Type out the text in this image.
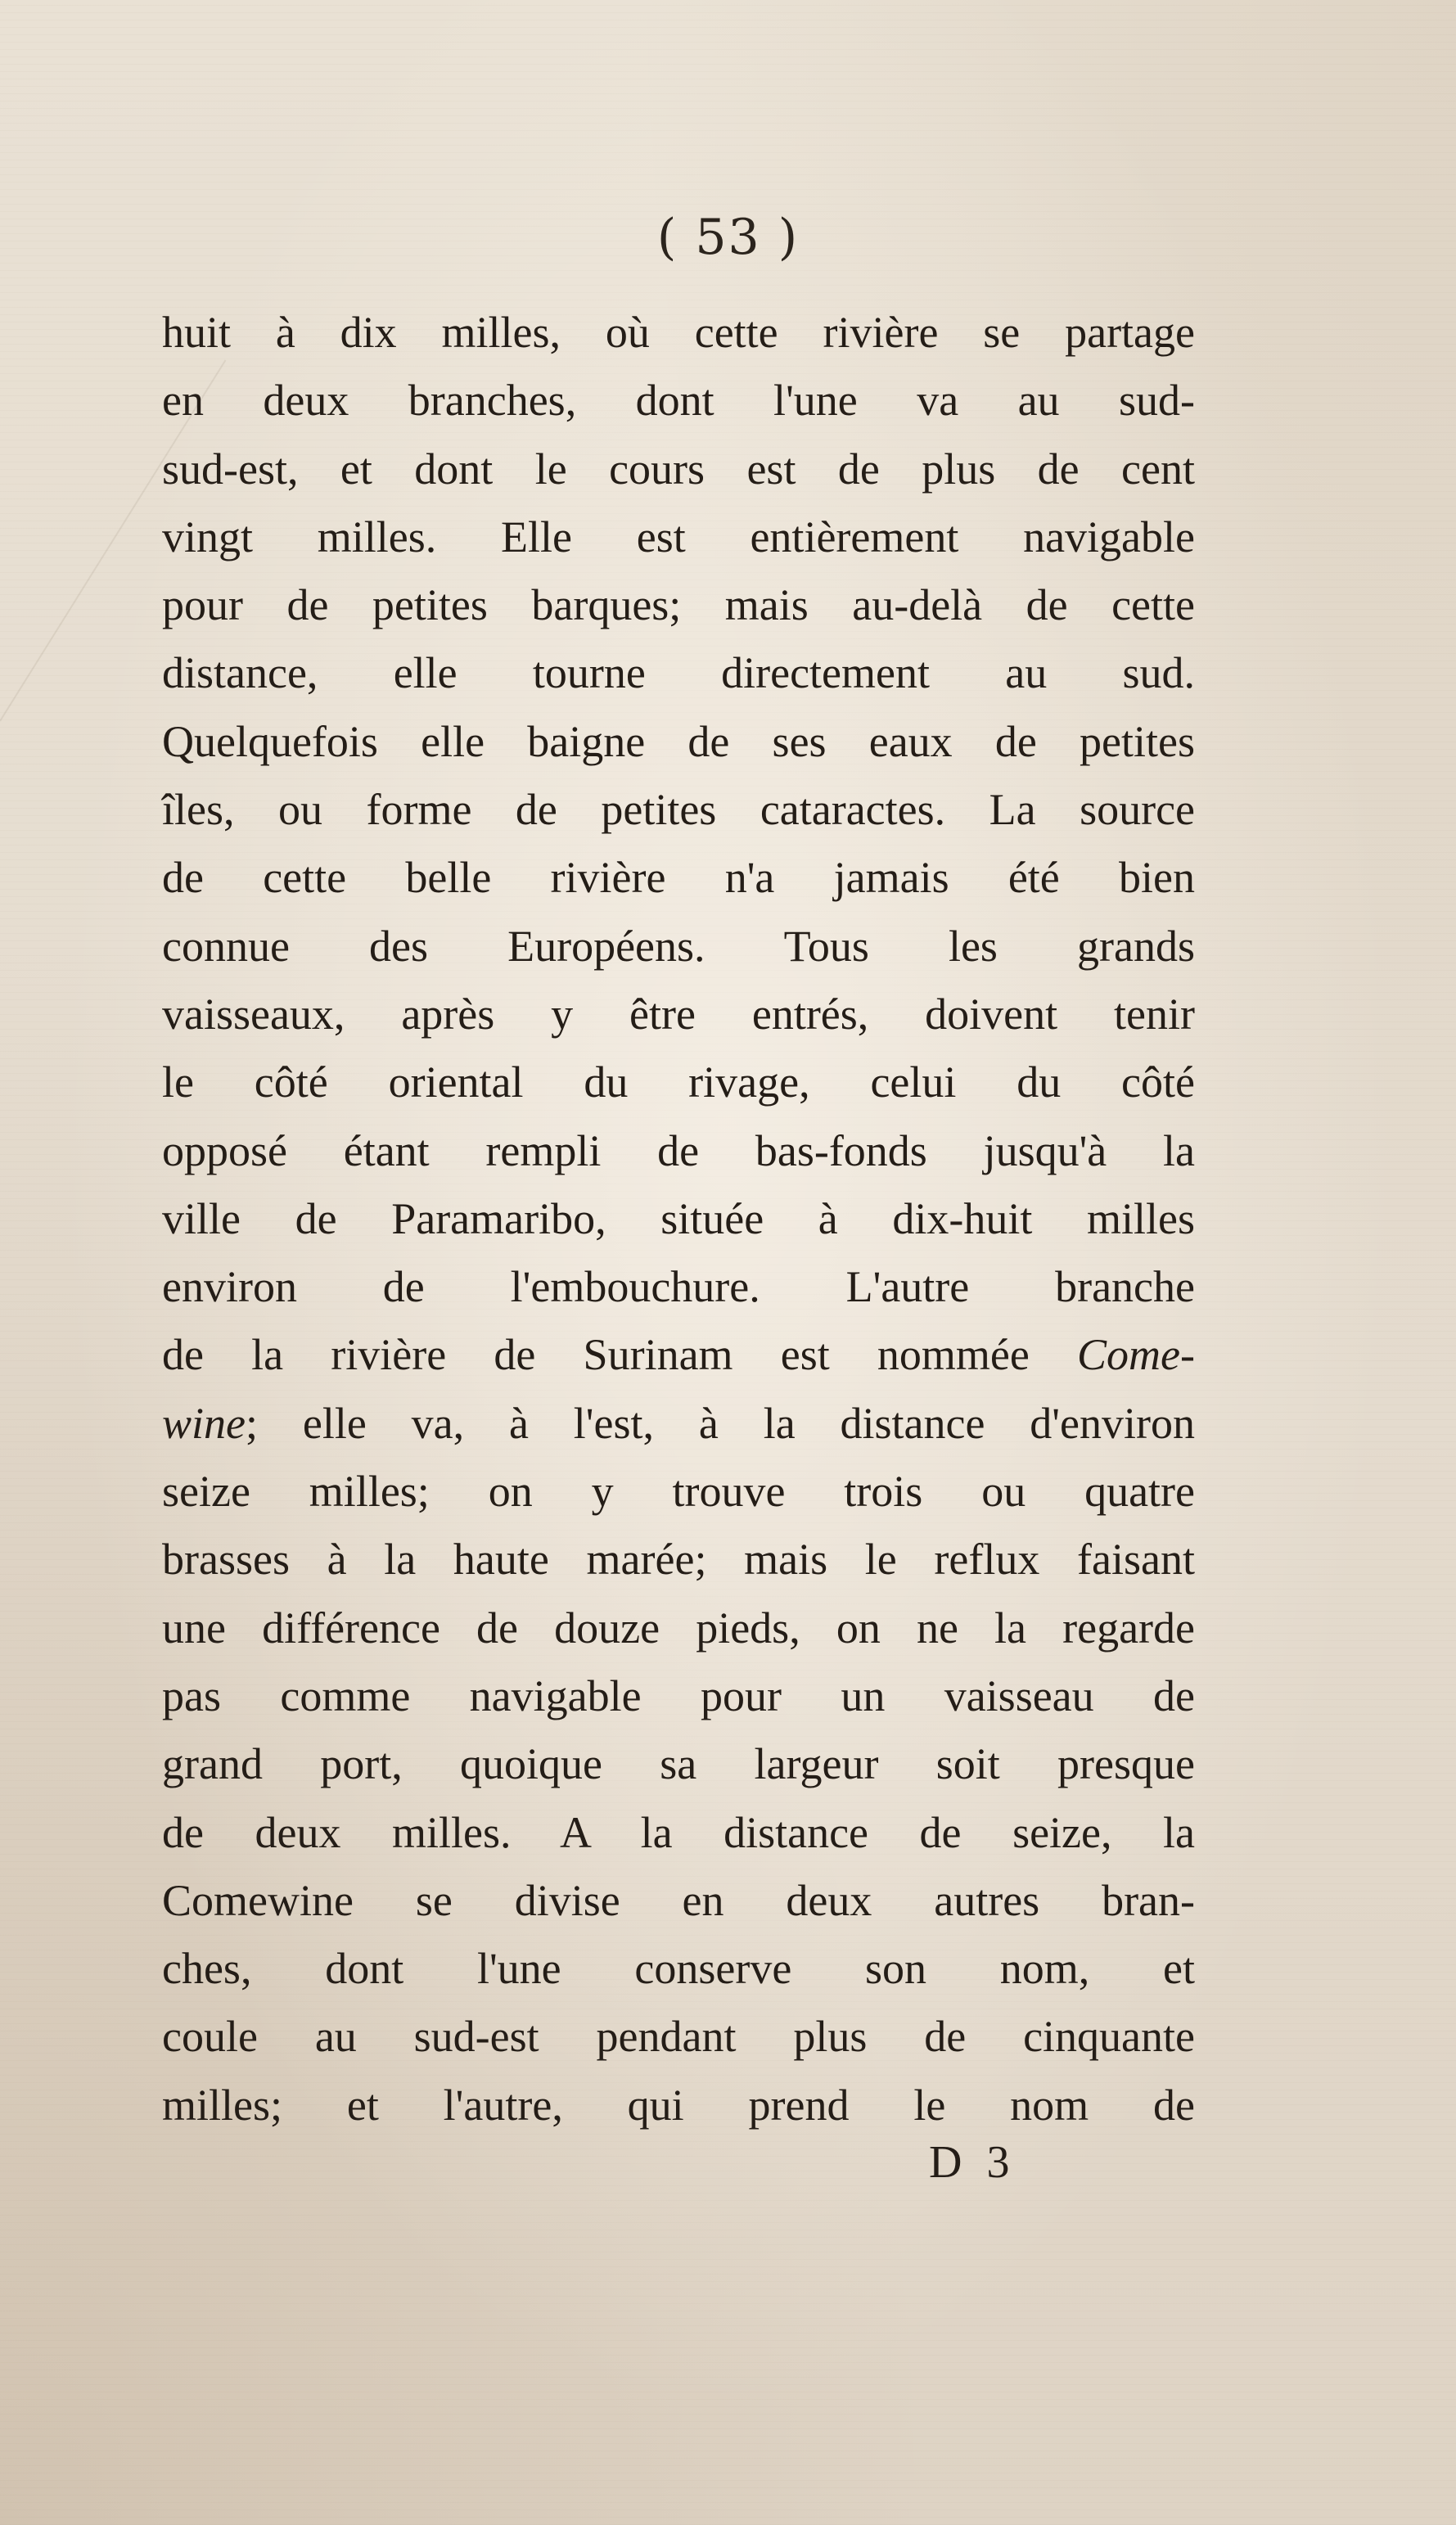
( 53 )
huit à dix milles, où cette rivière se partage
en deux branches, dont l'une va au sud-
sud-est, et dont le cours est de plus de cent
vingt milles. Elle est entièrement navigable
pour de petites barques; mais au-delà de cette
distance, elle tourne directement au sud.
Quelquefois elle baigne de ses eaux de petites
îles, ou forme de petites cataractes. La source
de cette belle rivière n'a jamais été bien
connue des Européens. Tous les grands
vaisseaux, après y être entrés, doivent tenir
le côté oriental du rivage, celui du côté
opposé étant rempli de bas-fonds jusqu'à la
ville de Paramaribo, située à dix-huit milles
environ de l'embouchure. L'autre branche
de la rivière de Surinam est nommée Come-
wine; elle va, à l'est, à la distance d'environ
seize milles; on y trouve trois ou quatre
brasses à la haute marée; mais le reflux faisant
une différence de douze pieds, on ne la regarde
pas comme navigable pour un vaisseau de
grand port, quoique sa largeur soit presque
de deux milles. A la distance de seize, la
Comewine se divise en deux autres bran-
ches, dont l'une conserve son nom, et
coule au sud-est pendant plus de cinquante
milles; et l'autre, qui prend le nom de
D 3
